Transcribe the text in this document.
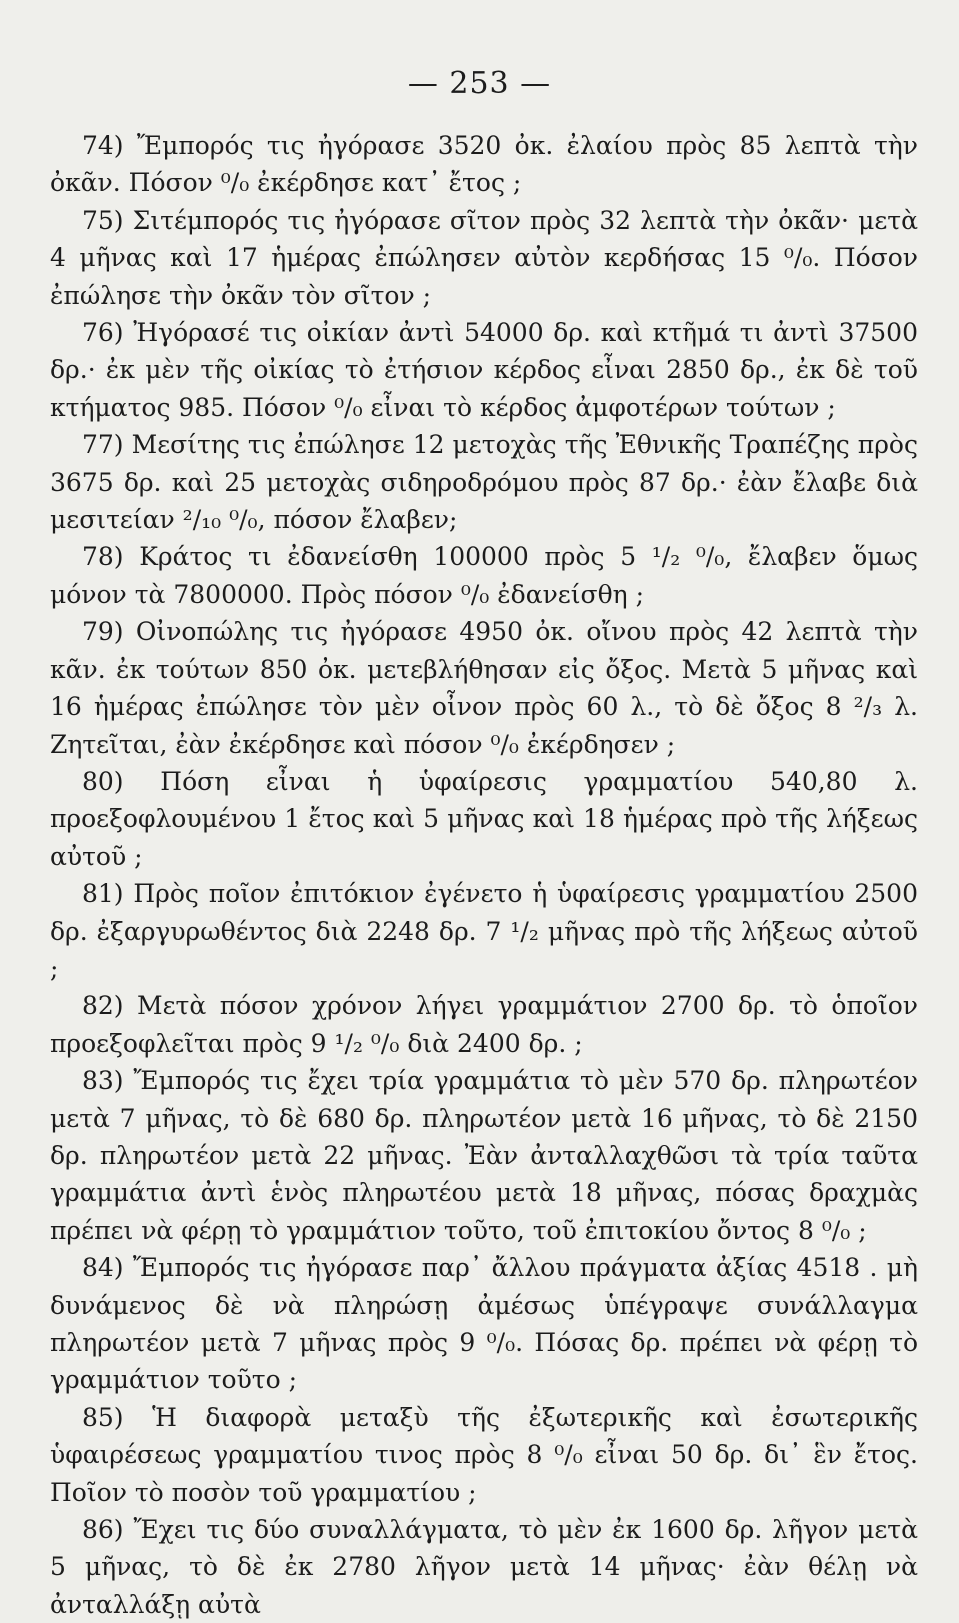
— 253 —

74) Ἔμπορός τις ἠγόρασε 3520 ὀκ. ἐλαίου πρὸς 85 λεπτὰ τὴν ὀκᾶν. Πόσον ⁰/₀ ἐκέρδησε κατ᾽ ἔτος ;

75) Σιτέμπορός τις ἠγόρασε σῖτον πρὸς 32 λεπτὰ τὴν ὀκᾶν· μετὰ 4 μῆνας καὶ 17 ἡμέρας ἐπώλησεν αὐτὸν κερδήσας 15 ⁰/₀. Πόσον ἐπώλησε τὴν ὀκᾶν τὸν σῖτον ;

76) Ἠγόρασέ τις οἰκίαν ἀντὶ 54000 δρ. καὶ κτῆμά τι ἀντὶ 37500 δρ.· ἐκ μὲν τῆς οἰκίας τὸ ἐτήσιον κέρδος εἶναι 2850 δρ., ἐκ δὲ τοῦ κτήματος 985. Πόσον ⁰/₀ εἶναι τὸ κέρδος ἀμφοτέρων τούτων ;

77) Μεσίτης τις ἐπώλησε 12 μετοχὰς τῆς Ἐθνικῆς Τραπέζης πρὸς 3675 δρ. καὶ 25 μετοχὰς σιδηροδρόμου πρὸς 87 δρ.· ἐὰν ἔλαβε διὰ μεσιτείαν ²/₁₀ ⁰/₀, πόσον ἔλαβεν;

78) Κράτος τι ἐδανείσθη 100000 πρὸς 5 ¹/₂ ⁰/₀, ἔλαβεν ὅμως μόνον τὰ 7800000. Πρὸς πόσον ⁰/₀ ἐδανείσθη ;

79) Οἰνοπώλης τις ἠγόρασε 4950 ὀκ. οἴνου πρὸς 42 λεπτὰ τὴν κᾶν. ἐκ τούτων 850 ὀκ. μετεβλήθησαν εἰς ὄξος. Μετὰ 5 μῆνας καὶ 16 ἡμέρας ἐπώλησε τὸν μὲν οἶνον πρὸς 60 λ., τὸ δὲ ὄξος 8 ²/₃ λ. Ζητεῖται, ἐὰν ἐκέρδησε καὶ πόσον ⁰/₀ ἐκέρδησεν ;

80) Πόση εἶναι ἡ ὑφαίρεσις γραμματίου 540,80 λ. προεξοφλουμένου 1 ἔτος καὶ 5 μῆνας καὶ 18 ἡμέρας πρὸ τῆς λήξεως αὐτοῦ ;

81) Πρὸς ποῖον ἐπιτόκιον ἐγένετο ἡ ὑφαίρεσις γραμματίου 2500 δρ. ἐξαργυρωθέντος διὰ 2248 δρ. 7 ¹/₂ μῆνας πρὸ τῆς λήξεως αὐτοῦ ;

82) Μετὰ πόσον χρόνον λήγει γραμμάτιον 2700 δρ. τὸ ὁποῖον προεξοφλεῖται πρὸς 9 ¹/₂ ⁰/₀ διὰ 2400 δρ. ;

83) Ἔμπορός τις ἔχει τρία γραμμάτια τὸ μὲν 570 δρ. πληρωτέον μετὰ 7 μῆνας, τὸ δὲ 680 δρ. πληρωτέον μετὰ 16 μῆνας, τὸ δὲ 2150 δρ. πληρωτέον μετὰ 22 μῆνας. Ἐὰν ἀνταλλαχθῶσι τὰ τρία ταῦτα γραμμάτια ἀντὶ ἑνὸς πληρωτέου μετὰ 18 μῆνας, πόσας δραχμὰς πρέπει νὰ φέρῃ τὸ γραμμάτιον τοῦτο, τοῦ ἐπιτοκίου ὄντος 8 ⁰/₀ ;

84) Ἔμπορός τις ἠγόρασε παρ᾽ ἄλλου πράγματα ἀξίας 4518 . μὴ δυνάμενος δὲ νὰ πληρώσῃ ἀμέσως ὑπέγραψε συνάλλαγμα πληρωτέον μετὰ 7 μῆνας πρὸς 9 ⁰/₀. Πόσας δρ. πρέπει νὰ φέρῃ τὸ γραμμάτιον τοῦτο ;

85) Ἡ διαφορὰ μεταξὺ τῆς ἐξωτερικῆς καὶ ἐσωτερικῆς ὑφαιρέσεως γραμματίου τινος πρὸς 8 ⁰/₀ εἶναι 50 δρ. δι᾽ ἓν ἔτος. Ποῖον τὸ ποσὸν τοῦ γραμματίου ;

86) Ἔχει τις δύο συναλλάγματα, τὸ μὲν ἐκ 1600 δρ. λῆγον μετὰ 5 μῆνας, τὸ δὲ ἐκ 2780 λῆγον μετὰ 14 μῆνας· ἐὰν θέλῃ νὰ ἀνταλλάξῃ αὐτὰ
